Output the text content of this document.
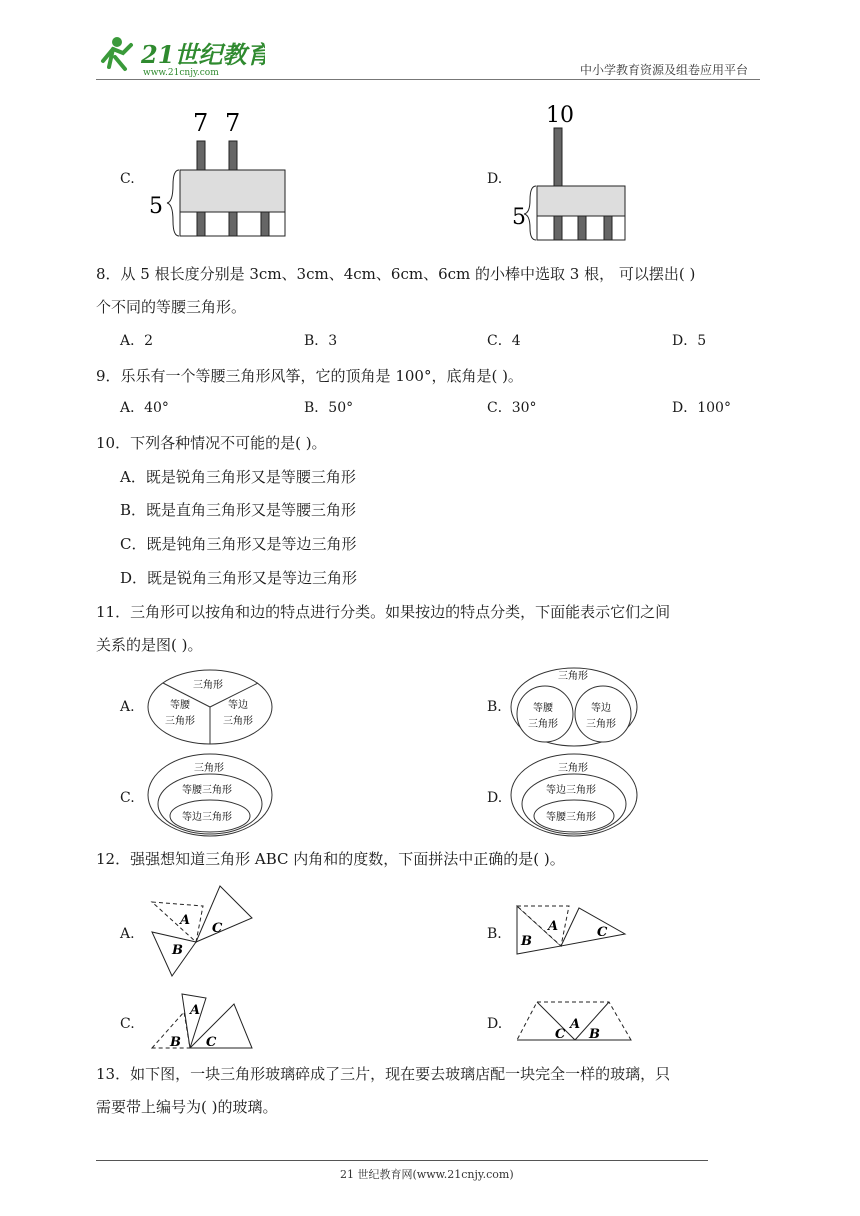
21世纪教育
www.21cnjy.com	中小学教育资源及组卷应用平台
C.
7 7
5
D.
10
5
8．从 5 根长度分别是 3cm、3cm、4cm、6cm、6cm 的小棒中选取 3 根， 可以摆出( )
个不同的等腰三角形。
A．2	B．3	C．4	D．5
9．乐乐有一个等腰三角形风筝，它的顶角是 100°，底角是( )。
A．40°	B．50°	C．30°	D．100°
10．下列各种情况不可能的是( )。
A．既是锐角三角形又是等腰三角形
B．既是直角三角形又是等腰三角形
C．既是钝角三角形又是等边三角形
D．既是锐角三角形又是等边三角形
11．三角形可以按角和边的特点进行分类。如果按边的特点分类，下面能表示它们之间
关系的是图( )。
A.
三角形
等腰
三角形
等边
三角形
B.
三角形
等腰
三角形
等边
三角形
C.
三角形
等腰三角形
等边三角形
D.
三角形
等边三角形
等腰三角形
12．强强想知道三角形 ABC 内角和的度数，下面拼法中正确的是( )。
A.
A
B
C	B.	A
B
C
C.
A
B C
D.	A
C B
13．如下图，一块三角形玻璃碎成了三片，现在要去玻璃店配一块完全一样的玻璃，只
需要带上编号为( )的玻璃。
21 世纪教育网(www.21cnjy.com)
